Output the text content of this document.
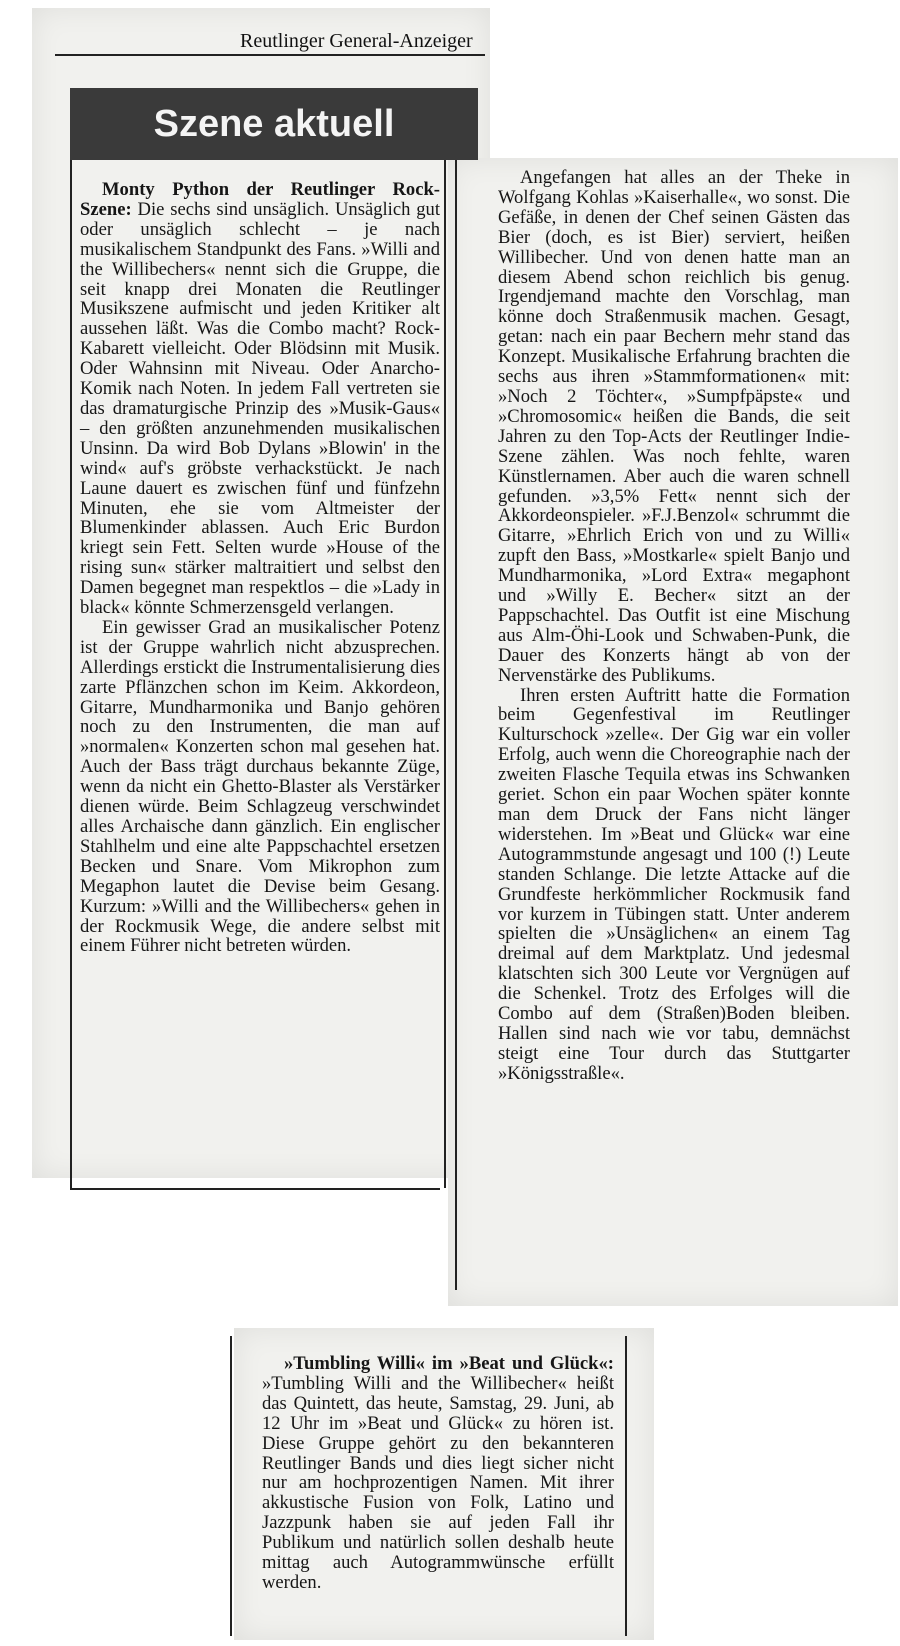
Reutlinger General-Anzeiger
Szene aktuell

Monty Python der Reutlinger Rock-Szene: Die sechs sind unsäglich. Unsäglich gut oder unsäglich schlecht – je nach musikalischem Standpunkt des Fans. »Willi and the Willibechers« nennt sich die Gruppe, die seit knapp drei Monaten die Reutlinger Musikszene aufmischt und jeden Kritiker alt aussehen läßt. Was die Combo macht? Rock-Kabarett vielleicht. Oder Blödsinn mit Musik. Oder Wahnsinn mit Niveau. Oder Anarcho-Komik nach Noten. In jedem Fall vertreten sie das dramaturgische Prinzip des »Musik-Gaus« – den größten anzunehmenden musikalischen Unsinn. Da wird Bob Dylans »Blowin' in the wind« auf's gröbste verhackstückt. Je nach Laune dauert es zwischen fünf und fünfzehn Minuten, ehe sie vom Altmeister der Blumenkinder ablassen. Auch Eric Burdon kriegt sein Fett. Selten wurde »House of the rising sun« stärker maltraitiert und selbst den Damen begegnet man respektlos – die »Lady in black« könnte Schmerzensgeld verlangen.

Ein gewisser Grad an musikalischer Potenz ist der Gruppe wahrlich nicht abzusprechen. Allerdings erstickt die Instrumentalisierung dies zarte Pflänzchen schon im Keim. Akkordeon, Gitarre, Mundharmonika und Banjo gehören noch zu den Instrumenten, die man auf »normalen« Konzerten schon mal gesehen hat. Auch der Bass trägt durchaus bekannte Züge, wenn da nicht ein Ghetto-Blaster als Verstärker dienen würde. Beim Schlagzeug verschwindet alles Archaische dann gänzlich. Ein englischer Stahlhelm und eine alte Pappschachtel ersetzen Becken und Snare. Vom Mikrophon zum Megaphon lautet die Devise beim Gesang. Kurzum: »Willi and the Willibechers« gehen in der Rockmusik Wege, die andere selbst mit einem Führer nicht betreten würden.

Angefangen hat alles an der Theke in Wolfgang Kohlas »Kaiserhalle«, wo sonst. Die Gefäße, in denen der Chef seinen Gästen das Bier (doch, es ist Bier) serviert, heißen Willibecher. Und von denen hatte man an diesem Abend schon reichlich bis genug. Irgendjemand machte den Vorschlag, man könne doch Straßenmusik machen. Gesagt, getan: nach ein paar Bechern mehr stand das Konzept. Musikalische Erfahrung brachten die sechs aus ihren »Stammformationen« mit: »Noch 2 Töchter«, »Sumpfpäpste« und »Chromosomic« heißen die Bands, die seit Jahren zu den Top-Acts der Reutlinger Indie-Szene zählen. Was noch fehlte, waren Künstlernamen. Aber auch die waren schnell gefunden. »3,5% Fett« nennt sich der Akkordeonspieler. »F.J.Benzol« schrummt die Gitarre, »Ehrlich Erich von und zu Willi« zupft den Bass, »Mostkarle« spielt Banjo und Mundharmonika, »Lord Extra« megaphont und »Willy E. Becher« sitzt an der Pappschachtel. Das Outfit ist eine Mischung aus Alm-Öhi-Look und Schwaben-Punk, die Dauer des Konzerts hängt ab von der Nervenstärke des Publikums.

Ihren ersten Auftritt hatte die Formation beim Gegenfestival im Reutlinger Kulturschock »zelle«. Der Gig war ein voller Erfolg, auch wenn die Choreographie nach der zweiten Flasche Tequila etwas ins Schwanken geriet. Schon ein paar Wochen später konnte man dem Druck der Fans nicht länger widerstehen. Im »Beat und Glück« war eine Autogrammstunde angesagt und 100 (!) Leute standen Schlange. Die letzte Attacke auf die Grundfeste herkömmlicher Rockmusik fand vor kurzem in Tübingen statt. Unter anderem spielten die »Unsäglichen« an einem Tag dreimal auf dem Marktplatz. Und jedesmal klatschten sich 300 Leute vor Vergnügen auf die Schenkel. Trotz des Erfolges will die Combo auf dem (Straßen)Boden bleiben. Hallen sind nach wie vor tabu, demnächst steigt eine Tour durch das Stuttgarter »Königsstraßle«.

»Tumbling Willi« im »Beat und Glück«: »Tumbling Willi and the Willibecher« heißt das Quintett, das heute, Samstag, 29. Juni, ab 12 Uhr im »Beat und Glück« zu hören ist. Diese Gruppe gehört zu den bekannteren Reutlinger Bands und dies liegt sicher nicht nur am hochprozentigen Namen. Mit ihrer akkustische Fusion von Folk, Latino und Jazzpunk haben sie auf jeden Fall ihr Publikum und natürlich sollen deshalb heute mittag auch Autogrammwünsche erfüllt werden.
